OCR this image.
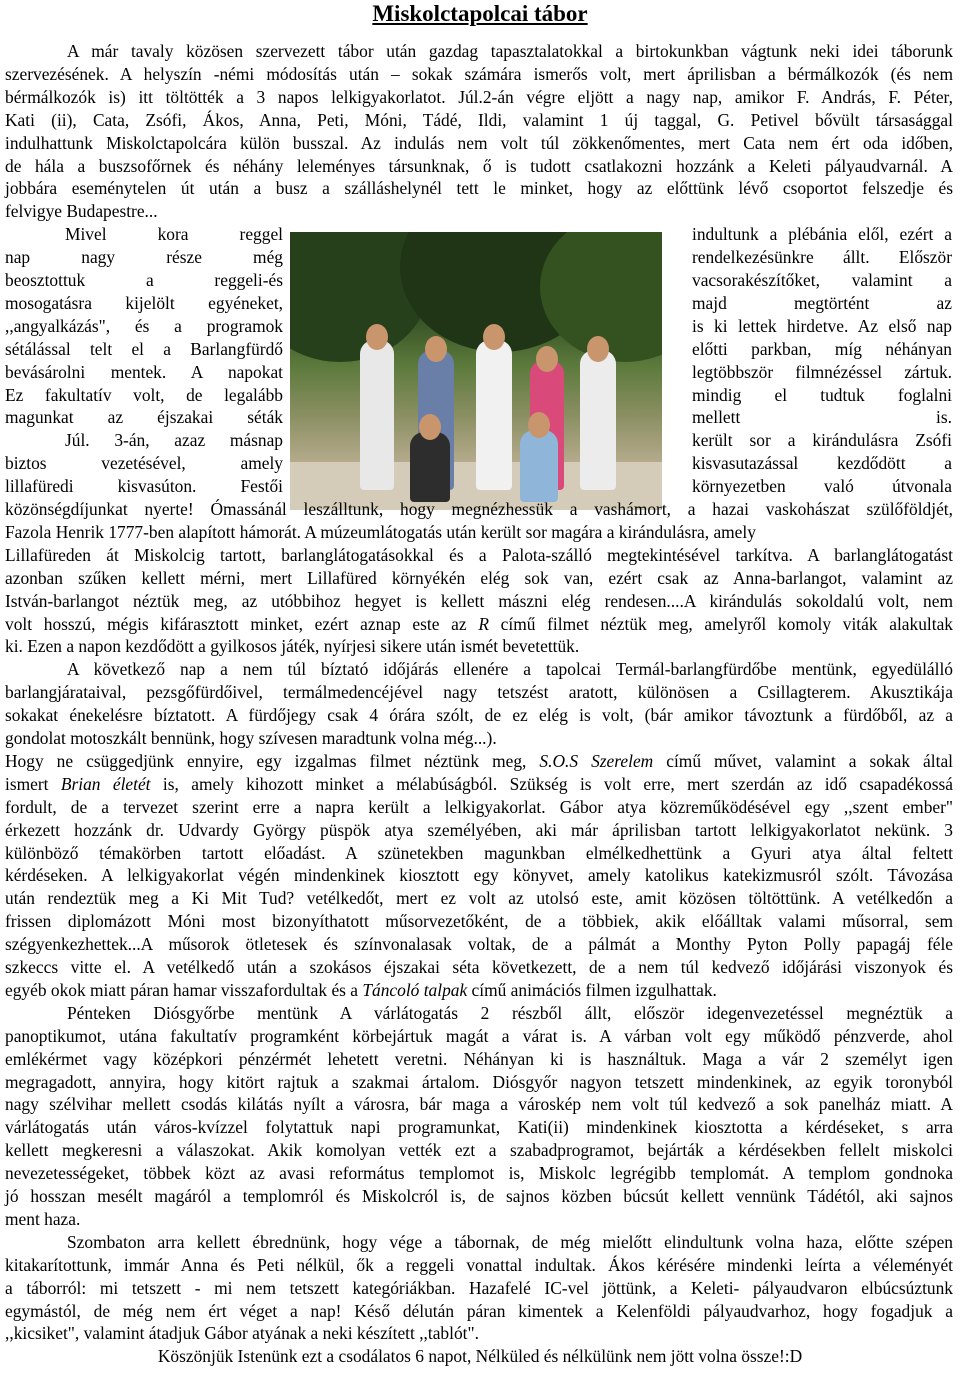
Miskolctapolcai tábor
A már tavaly közösen szervezett tábor után gazdag tapasztalatokkal a birtokunkban vágtunk neki idei táborunk
szervezésének. A helyszín -némi módosítás után – sokak számára ismerős volt, mert áprilisban a bérmálkozók (és nem
bérmálkozók is) itt töltötték a 3 napos lelkigyakorlatot. Júl.2-án végre eljött a nagy nap, amikor F. András, F. Péter,
Kati (ii), Cata, Zsófi, Ákos, Anna, Peti, Móni, Tádé, Ildi, valamint 1 új taggal, G. Petivel bővült társasággal
indulhattunk Miskolctapolcára külön busszal. Az indulás nem volt túl zökkenőmentes, mert Cata nem ért oda időben,
de hála a buszsofőrnek és néhány leleményes társunknak, ő is tudott csatlakozni hozzánk a Keleti pályaudvarnál. A
jobbára eseménytelen út után a busz a szálláshelynél tett le minket, hogy az előttünk lévő csoportot felszedje és
felvigye Budapestre...
Mivel kora reggel
nap nagy része még
beosztottuk a reggeli-és
mosogatásra kijelölt egyéneket,
,,angyalkázás", és a programok
sétálással telt el a Barlangfürdő
bevásárolni mentek. A napokat
Ez fakultatív volt, de legalább
magunkat az éjszakai séták
Júl. 3-án, azaz másnap
biztos vezetésével, amely
lillafüredi kisvasúton. Festői
indultunk a plébánia elől, ezért a
rendelkezésünkre állt. Először
vacsorakészítőket, valamint a
majd megtörtént az
is ki lettek hirdetve. Az első nap
előtti parkban, míg néhányan
legtöbbször filmnézéssel zártuk.
mindig el tudtuk foglalni
mellett is.
került sor a kirándulásra Zsófi
kisvasutazással kezdődött a
környezetben való útvonala
közönségdíjunkat nyerte! Ómassánál leszálltunk, hogy megnézhessük a vashámort, a hazai vaskohászat szülőföldjét,
Fazola Henrik 1777-ben alapított hámorát. A múzeumlátogatás után került sor magára a kirándulásra, amely
Lillafüreden át Miskolcig tartott, barlanglátogatásokkal és a Palota-szálló megtekintésével tarkítva. A barlanglátogatást
azonban szűken kellett mérni, mert Lillafüred környékén elég sok van, ezért csak az Anna-barlangot, valamint az
István-barlangot néztük meg, az utóbbihoz hegyet is kellett mászni elég rendesen....A kirándulás sokoldalú volt, nem
volt hosszú, mégis kifárasztott minket, ezért aznap este az R című filmet néztük meg, amelyről komoly viták alakultak
ki. Ezen a napon kezdődött a gyilkosos játék, nyírjesi sikere után ismét bevetettük.
A következő nap a nem túl bíztató időjárás ellenére a tapolcai Termál-barlangfürdőbe mentünk, egyedülálló
barlangjárataival, pezsgőfürdőivel, termálmedencéjével nagy tetszést aratott, különösen a Csillagterem. Akusztikája
sokakat énekelésre bíztatott. A fürdőjegy csak 4 órára szólt, de ez elég is volt, (bár amikor távoztunk a fürdőből, az a
gondolat motoszkált bennünk, hogy szívesen maradtunk volna még...).
Hogy ne csüggedjünk ennyire, egy izgalmas filmet néztünk meg, S.O.S Szerelem című művet, valamint a sokak által
ismert Brian életét is, amely kihozott minket a mélabúságból. Szükség is volt erre, mert szerdán az idő csapadékossá
fordult, de a tervezet szerint erre a napra került a lelkigyakorlat. Gábor atya közreműködésével egy ,,szent ember"
érkezett hozzánk dr. Udvardy György püspök atya személyében, aki már áprilisban tartott lelkigyakorlatot nekünk. 3
különböző témakörben tartott előadást. A szünetekben magunkban elmélkedhettünk a Gyuri atya által feltett
kérdéseken. A lelkigyakorlat végén mindenkinek kiosztott egy könyvet, amely katolikus katekizmusról szólt. Távozása
után rendeztük meg a Ki Mit Tud? vetélkedőt, mert ez volt az utolsó este, amit közösen töltöttünk. A vetélkedőn a
frissen diplomázott Móni most bizonyíthatott műsorvezetőként, de a többiek, akik előálltak valami műsorral, sem
szégyenkezhettek...A műsorok ötletesek és színvonalasak voltak, de a pálmát a Monthy Pyton Polly papagáj féle
szkeccs vitte el. A vetélkedő után a szokásos éjszakai séta következett, de a nem túl kedvező időjárási viszonyok és
egyéb okok miatt páran hamar visszafordultak és a Táncoló talpak című animációs filmen izgulhattak.
Pénteken Diósgyőrbe mentünk A várlátogatás 2 részből állt, először idegenvezetéssel megnéztük a
panoptikumot, utána fakultatív programként körbejártuk magát a várat is. A várban volt egy működő pénzverde, ahol
emlékérmet vagy középkori pénzérmét lehetett veretni. Néhányan ki is használtuk. Maga a vár 2 személyt igen
megragadott, annyira, hogy kitört rajtuk a szakmai ártalom. Diósgyőr nagyon tetszett mindenkinek, az egyik toronyból
nagy szélvihar mellett csodás kilátás nyílt a városra, bár maga a városkép nem volt túl kedvező a sok panelház miatt. A
várlátogatás után város-kvízzel folytattuk napi programunkat, Kati(ii) mindenkinek kiosztotta a kérdéseket, s arra
kellett megkeresni a válaszokat. Akik komolyan vették ezt a szabadprogramot, bejárták a kérdésekben fellelt miskolci
nevezetességeket, többek közt az avasi református templomot is, Miskolc legrégibb templomát. A templom gondnoka
jó hosszan mesélt magáról a templomról és Miskolcról is, de sajnos közben búcsút kellett vennünk Tádétól, aki sajnos
ment haza.
Szombaton arra kellett ébrednünk, hogy vége a tábornak, de még mielőtt elindultunk volna haza, előtte szépen
kitakarítottunk, immár Anna és Peti nélkül, ők a reggeli vonattal indultak. Ákos kérésére mindenki leírta a véleményét
a táborról: mi tetszett - mi nem tetszett kategóriákban. Hazafelé IC-vel jöttünk, a Keleti- pályaudvaron elbúcsúztunk
egymástól, de még nem ért véget a nap! Késő délután páran kimentek a Kelenföldi pályaudvarhoz, hogy fogadjuk a
,,kicsiket", valamint átadjuk Gábor atyának a neki készített ,,tablót".
Köszönjük Istenünk ezt a csodálatos 6 napot, Nélküled és nélkülünk nem jött volna össze!:D
